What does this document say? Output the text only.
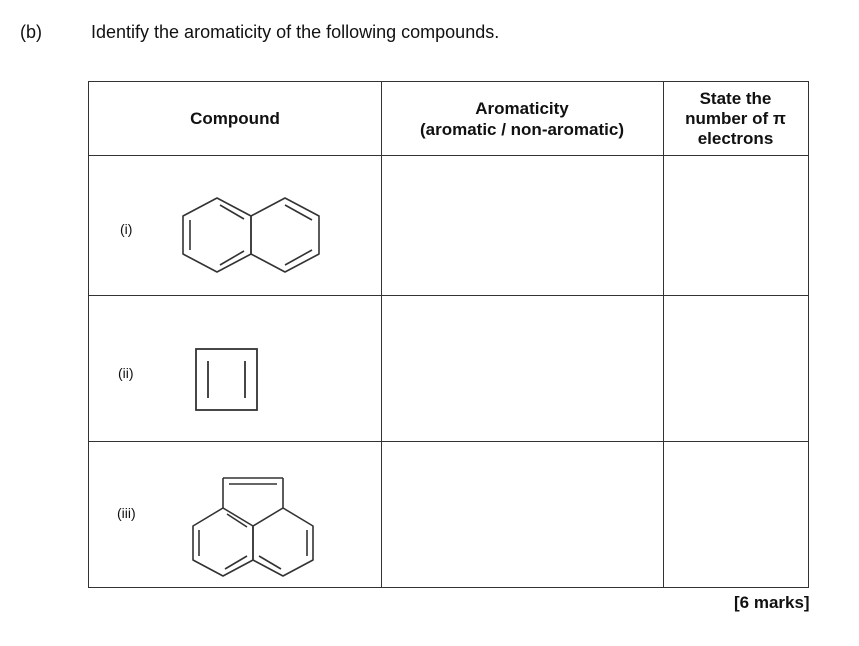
(b)	Identify the aromaticity of the following compounds.
Compound
Aromaticity
(aromatic / non-aromatic)
State the
number of π
electrons
(i)
(ii)
(iii)
[6 marks]
